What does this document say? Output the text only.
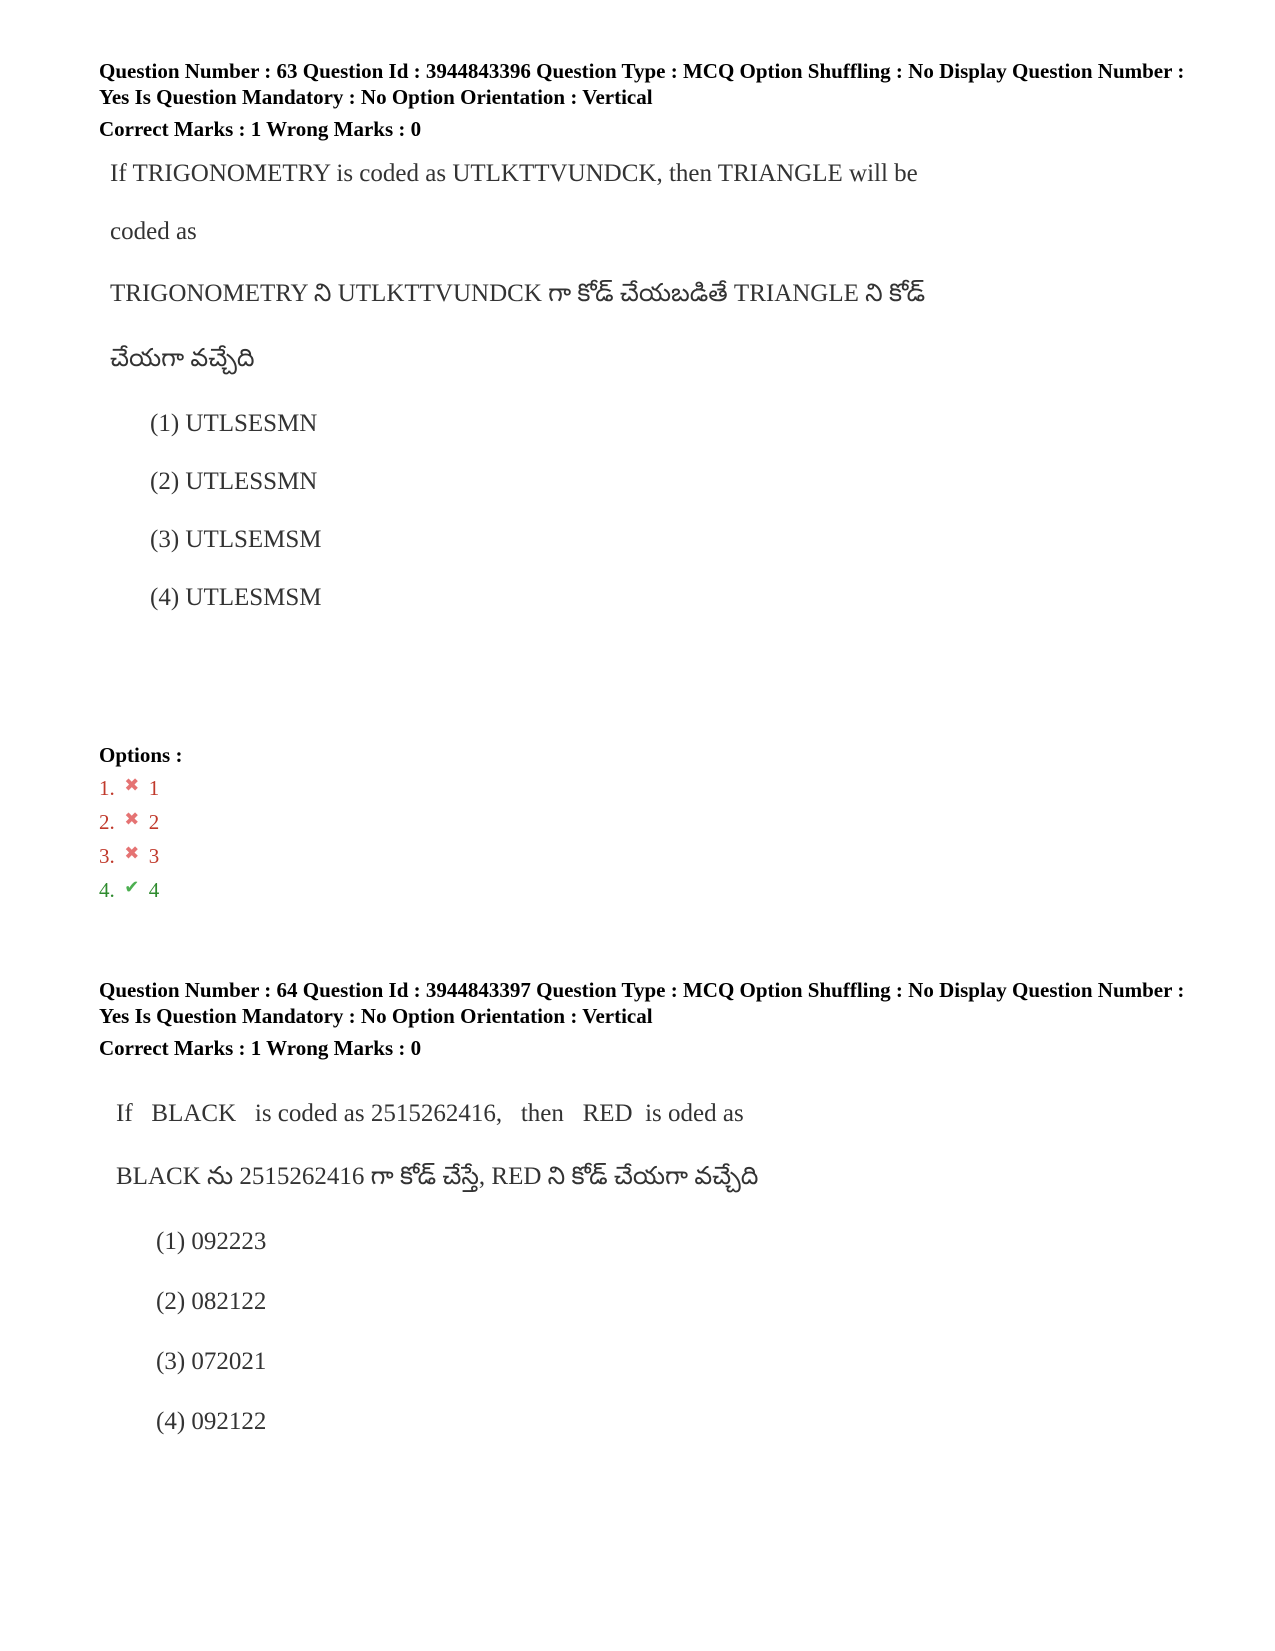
Question Number : 63 Question Id : 3944843396 Question Type : MCQ Option Shuffling : No Display Question Number : Yes Is Question Mandatory : No Option Orientation : Vertical
Correct Marks : 1 Wrong Marks : 0
If TRIGONOMETRY is coded as UTLKTTVUNDCK, then TRIANGLE will be
coded as
TRIGONOMETRY ని UTLKTTVUNDCK గా కోడ్ చేయబడితే TRIANGLE ని కోడ్
చేయగా వచ్చేది
(1) UTLSESMN
(2) UTLESSMN
(3) UTLSEMSM
(4) UTLESMSM
Options :
1. ✖ 1
2. ✖ 2
3. ✖ 3
4. ✔ 4
Question Number : 64 Question Id : 3944843397 Question Type : MCQ Option Shuffling : No Display Question Number : Yes Is Question Mandatory : No Option Orientation : Vertical
Correct Marks : 1 Wrong Marks : 0
If   BLACK   is coded as 2515262416,   then   RED  is oded as
BLACK ను 2515262416 గా కోడ్ చేస్తే, RED ని కోడ్ చేయగా వచ్చేది
(1) 092223
(2) 082122
(3) 072021
(4) 092122
